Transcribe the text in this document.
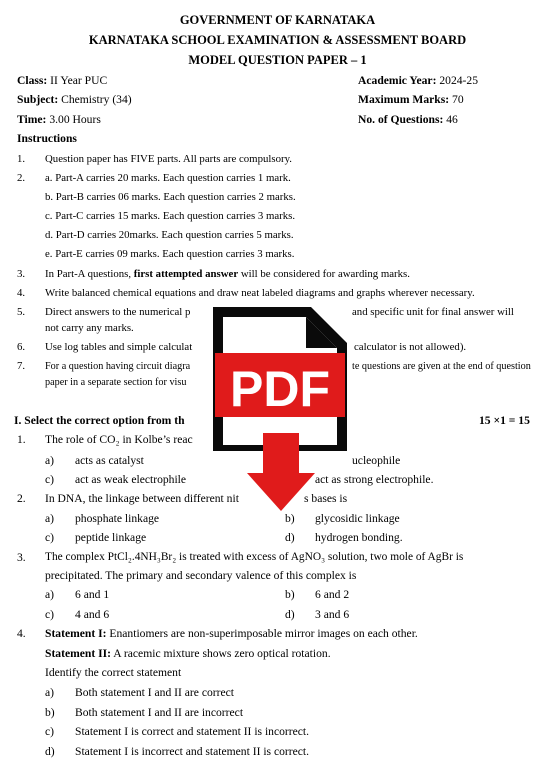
GOVERNMENT OF KARNATAKA
KARNATAKA SCHOOL EXAMINATION & ASSESSMENT BOARD
MODEL QUESTION PAPER – 1
Class: II Year PUC
Subject: Chemistry (34)
Time: 3.00 Hours
Academic Year: 2024-25
Maximum Marks: 70
No. of Questions: 46
Instructions
1. Question paper has FIVE parts. All parts are compulsory.
2. a. Part-A carries 20 marks. Each question carries 1 mark.
b. Part-B carries 06 marks. Each question carries 2 marks.
c. Part-C carries 15 marks. Each question carries 3 marks.
d. Part-D carries 20marks. Each question carries 5 marks.
e. Part-E carries 09 marks. Each question carries 3 marks.
3. In Part-A questions, first attempted answer will be considered for awarding marks.
4. Write balanced chemical equations and draw neat labeled diagrams and graphs wherever necessary.
5. Direct answers to the numerical p	and specific unit for final answer will
not carry any marks.
6. Use log tables and simple calculat	calculator is not allowed).
7. For a question having circuit diagra	te questions are given at the end of question
paper in a separate section for visu
I. Select the correct option from th	15 ×1 = 15
1. The role of CO₂ in Kolbe’s reac
a) acts as catalyst	ucleophile
c) act as weak electrophile	act as strong electrophile.
2. In DNA, the linkage between different nit	s bases is
a) phosphate linkage	b) glycosidic linkage
c) peptide linkage	d) hydrogen bonding.
3. The complex PtCl₂.4NH₃Br₂ is treated with excess of AgNO₃ solution, two mole of AgBr is
precipitated. The primary and secondary valence of this complex is
a) 6 and 1	b) 6 and 2
c) 4 and 6	d) 3 and 6
4. Statement I: Enantiomers are non-superimposable mirror images on each other.
Statement II: A racemic mixture shows zero optical rotation.
Identify the correct statement
a) Both statement I and II are correct
b) Both statement I and II are incorrect
c) Statement I is correct and statement II is incorrect.
d) Statement I is incorrect and statement II is correct.
PDF
